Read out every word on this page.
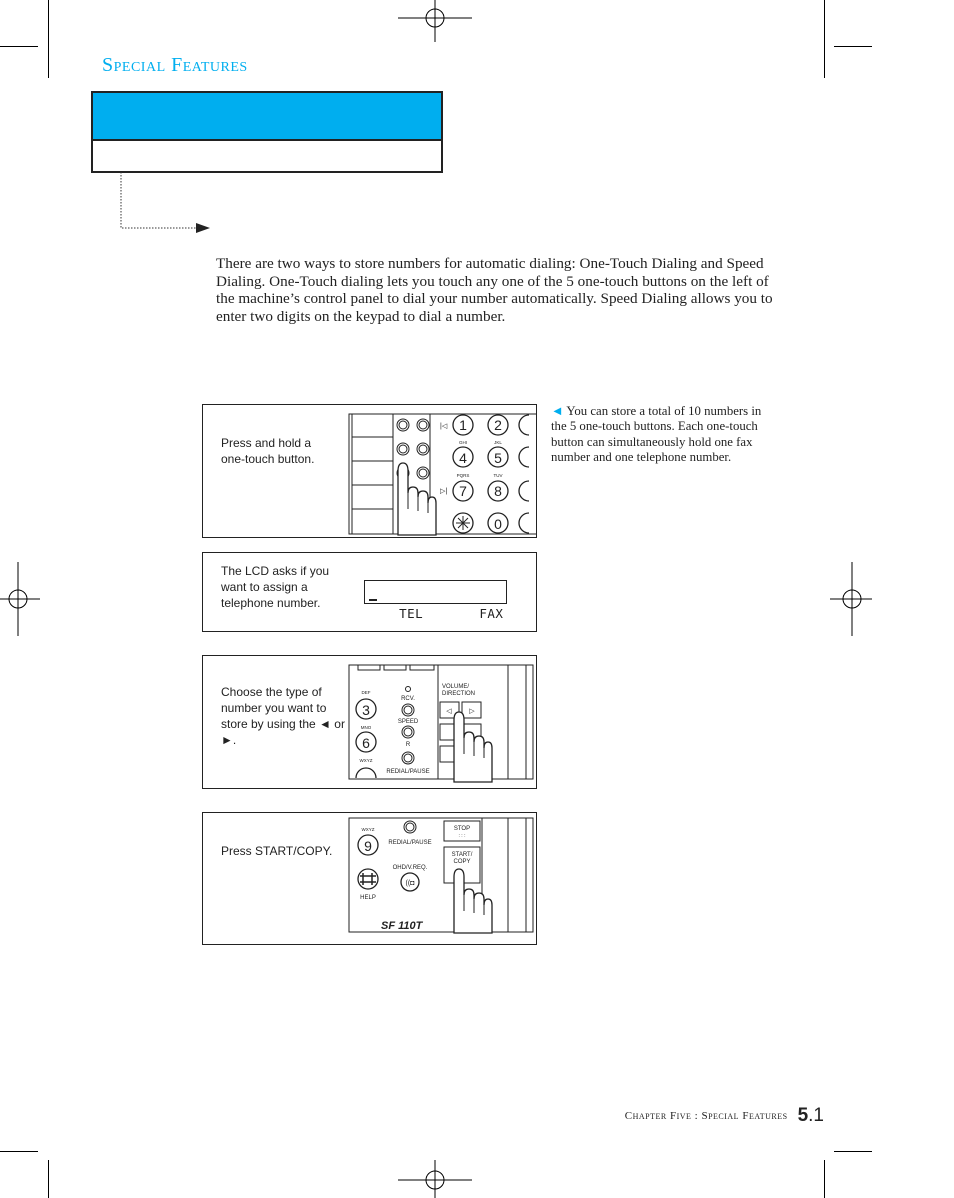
Special Features
There are two ways to store numbers for automatic dialing: One-Touch Dialing and Speed Dialing. One-Touch dialing lets you touch any one of the 5 one-touch buttons on the left of the machine’s control panel to dial your number automatically. Speed Dialing allows you to enter two digits on the keypad to dial a number.
◄ You can store a total of 10 numbers in the 5 one-touch buttons. Each one-touch button can simultaneously hold one fax number and one telephone number.
Press and hold a one-touch button.
|◁
▷|
1 2
GHI	JKL
4 5
PQRS	TUV
7 8
0
The LCD asks if you want to assign a telephone number.

TEL       FAX

Choose the type of number you want to store by using the ◄ or ►.
DEF
3
MNO
6
WXYZ
RCV.
SPEED
R
REDIAL/PAUSE
VOLUME/
DIRECTION
◁	▷
Press START/COPY.
WXYZ
9
HELP
REDIAL/PAUSE
OHD/V.REQ.
((◘
STOP
: : :
START/
COPY
SF 110T
Chapter Five : Special Features 5.1
